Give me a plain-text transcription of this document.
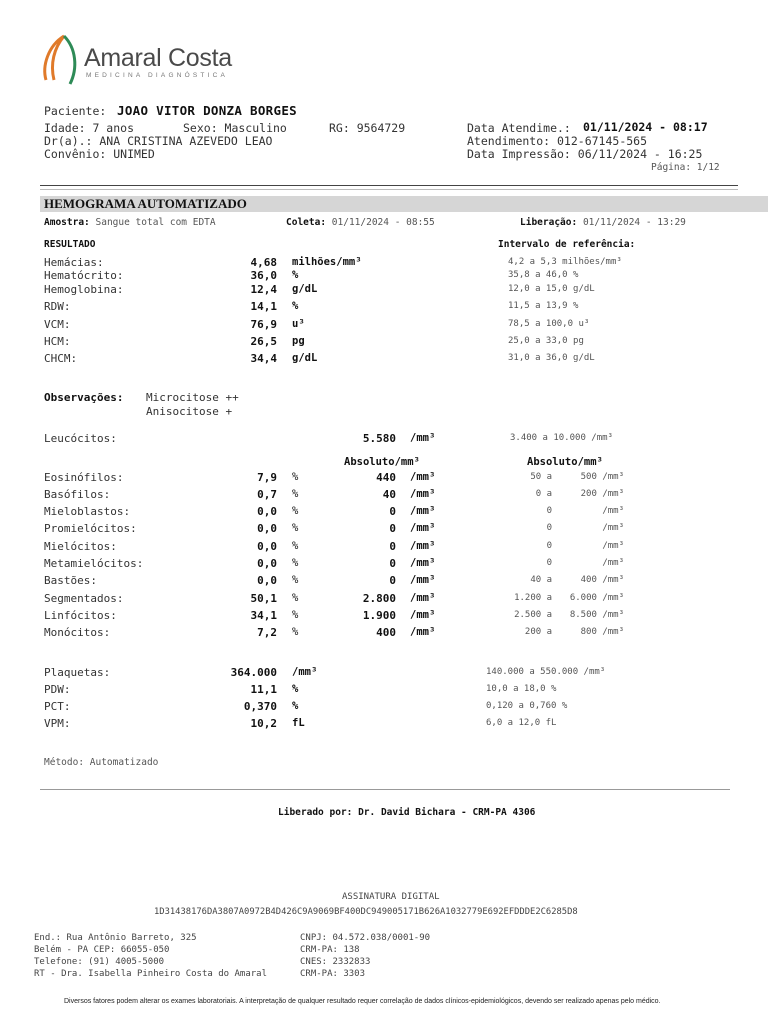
Amaral Costa
MEDICINA DIAGNÓSTICA
Paciente: JOAO VITOR DONZA BORGES
Idade: 7 anos	Sexo: Masculino	RG: 9564729
Dr(a).: ANA CRISTINA AZEVEDO LEAO
Convênio: UNIMED
Data Atendime.: 01/11/2024 - 08:17
Atendimento: 012-67145-565
Data Impressão: 06/11/2024 - 16:25
Página: 1/12
HEMOGRAMA AUTOMATIZADO
Amostra: Sangue total com EDTA	Coleta: 01/11/2024 - 08:55	Liberação: 01/11/2024 - 13:29
RESULTADO	Intervalo de referência:
Hemácias:	4,68 milhões/mm³	4,2 a 5,3 milhões/mm³
Hematócrito:	36,0 %	35,8 a 46,0 %
Hemoglobina:	12,4 g/dL	12,0 a 15,0 g/dL
RDW:	14,1 %	11,5 a 13,9 %
VCM:	76,9 u³	78,5 a 100,0 u³
HCM:	26,5 pg	25,0 a 33,0 pg
CHCM:	34,4 g/dL	31,0 a 36,0 g/dL
Observações: Microcitose ++
Anisocitose +
Leucócitos:	5.580 /mm³	3.400 a 10.000 /mm³
Absoluto/mm³	Absoluto/mm³
Eosinófilos:	7,9 %	440 /mm³	50 a	500 /mm³
Basófilos:	0,7 %	40 /mm³	0 a	200 /mm³
Mieloblastos:	0,0 %	0 /mm³	0	/mm³
Promielócitos:	0,0 %	0 /mm³	0	/mm³
Mielócitos:	0,0 %	0 /mm³	0	/mm³
Metamielócitos:	0,0 %	0 /mm³	0	/mm³
Bastões:	0,0 %	0 /mm³	40 a	400 /mm³
Segmentados:	50,1 %	2.800 /mm³	1.200 a 6.000 /mm³
Linfócitos:	34,1 %	1.900 /mm³	2.500 a 8.500 /mm³
Monócitos:	7,2 %	400 /mm³	200 a	800 /mm³
Plaquetas:	364.000 /mm³	140.000 a 550.000 /mm³
PDW:	11,1 %	10,0 a 18,0 %
PCT:	0,370 %	0,120 a 0,760 %
VPM:	10,2 fL	6,0 a 12,0 fL
Método: Automatizado
Liberado por: Dr. David Bichara - CRM-PA 4306
ASSINATURA DIGITAL
1D31438176DA3807A0972B4D426C9A9069BF400DC949005171B626A1032779E692EFDDDE2C6285D8
End.: Rua Antônio Barreto, 325
Belém - PA CEP: 66055-050
Telefone: (91) 4005-5000
RT - Dra. Isabella Pinheiro Costa do Amaral
CNPJ: 04.572.038/0001-90
CRM-PA: 138
CNES: 2332833
CRM-PA: 3303
Diversos fatores podem alterar os exames laboratoriais. A interpretação de qualquer resultado requer correlação de dados clínicos-epidemiológicos, devendo ser realizado apenas pelo médico.
